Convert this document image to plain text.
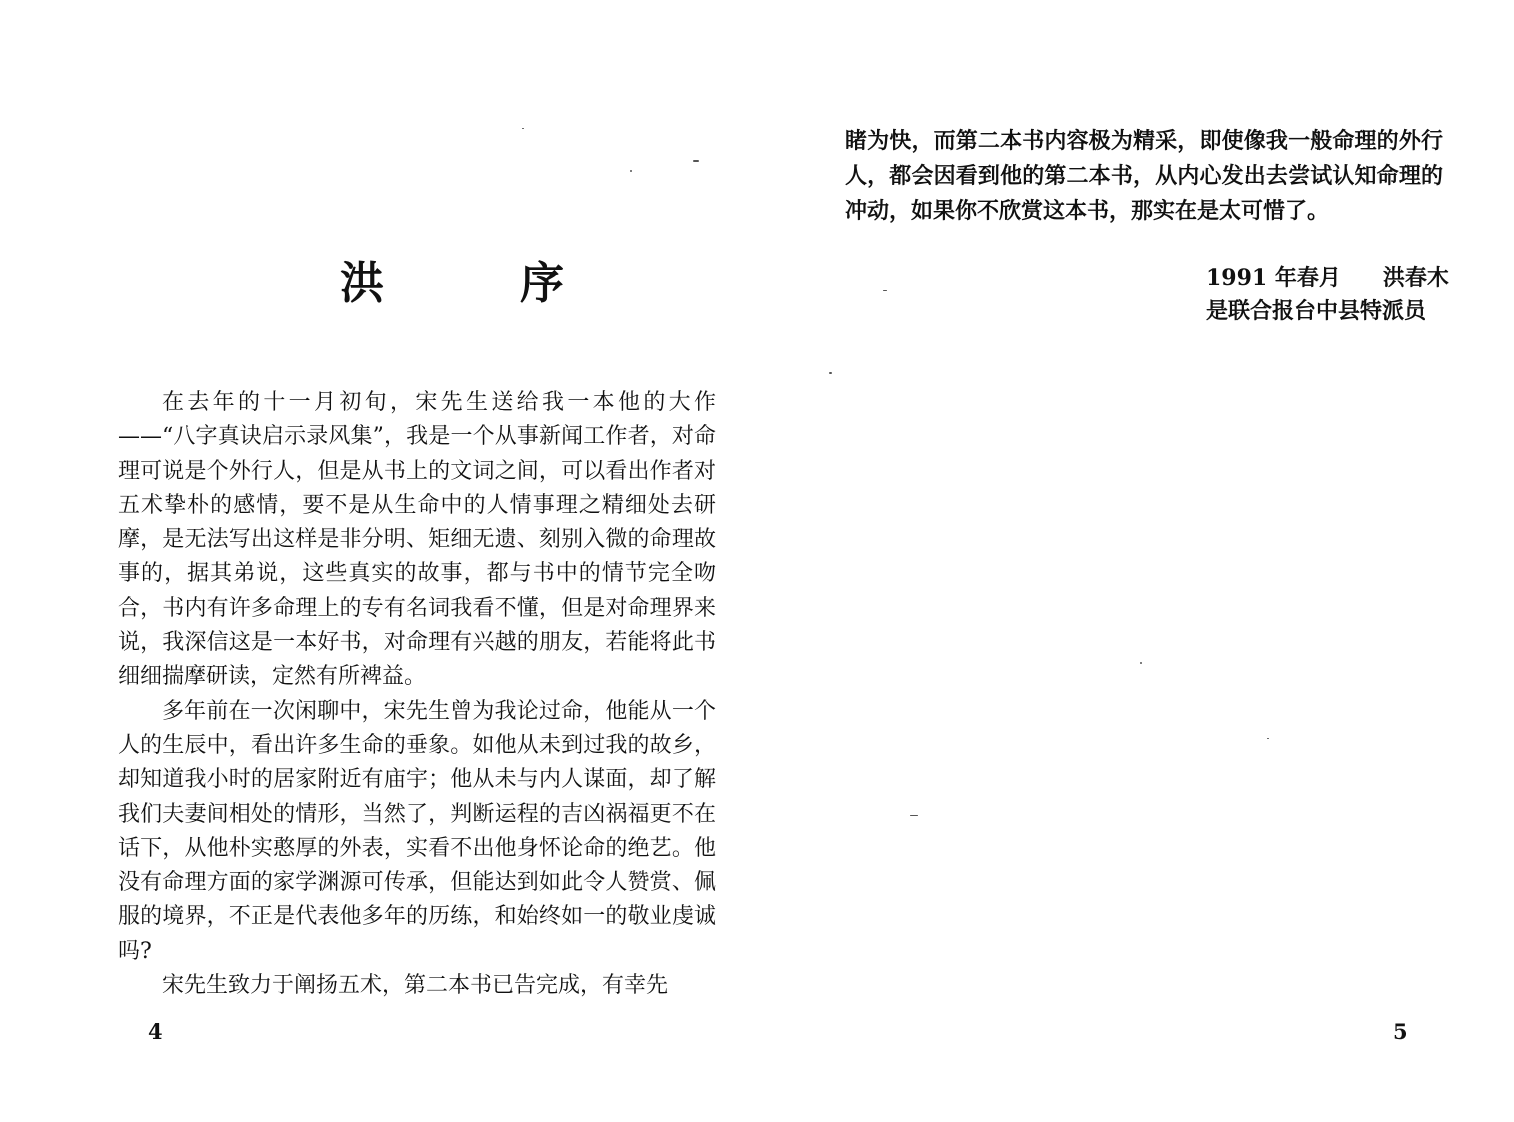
洪　序

在去年的十一月初旬，宋先生送给我一本他的大作——“八字真诀启示录风集”，我是一个从事新闻工作者，对命理可说是个外行人，但是从书上的文词之间，可以看出作者对五术挚朴的感情，要不是从生命中的人情事理之精细处去研摩，是无法写出这样是非分明、矩细无遗、刻别入微的命理故事的，据其弟说，这些真实的故事，都与书中的情节完全吻合，书内有许多命理上的专有名词我看不懂，但是对命理界来说，我深信这是一本好书，对命理有兴越的朋友，若能将此书细细揣摩研读，定然有所裨益。

多年前在一次闲聊中，宋先生曾为我论过命，他能从一个人的生辰中，看出许多生命的垂象。如他从未到过我的故乡，却知道我小时的居家附近有庙宇；他从未与内人谋面，却了解我们夫妻间相处的情形，当然了，判断运程的吉凶祸福更不在话下，从他朴实憨厚的外表，实看不出他身怀论命的绝艺。他没有命理方面的家学渊源可传承，但能达到如此令人赞赏、佩服的境界，不正是代表他多年的历练，和始终如一的敬业虔诚吗?

宋先生致力于阐扬五术，第二本书已告完成，有幸先

4
睹为快，而第二本书内容极为精采，即使像我一般命理的外行人，都会因看到他的第二本书，从内心发出去尝试认知命理的冲动，如果你不欣赏这本书，那实在是太可惜了。
1991 年春月 洪春木
是联合报台中县特派员
5
